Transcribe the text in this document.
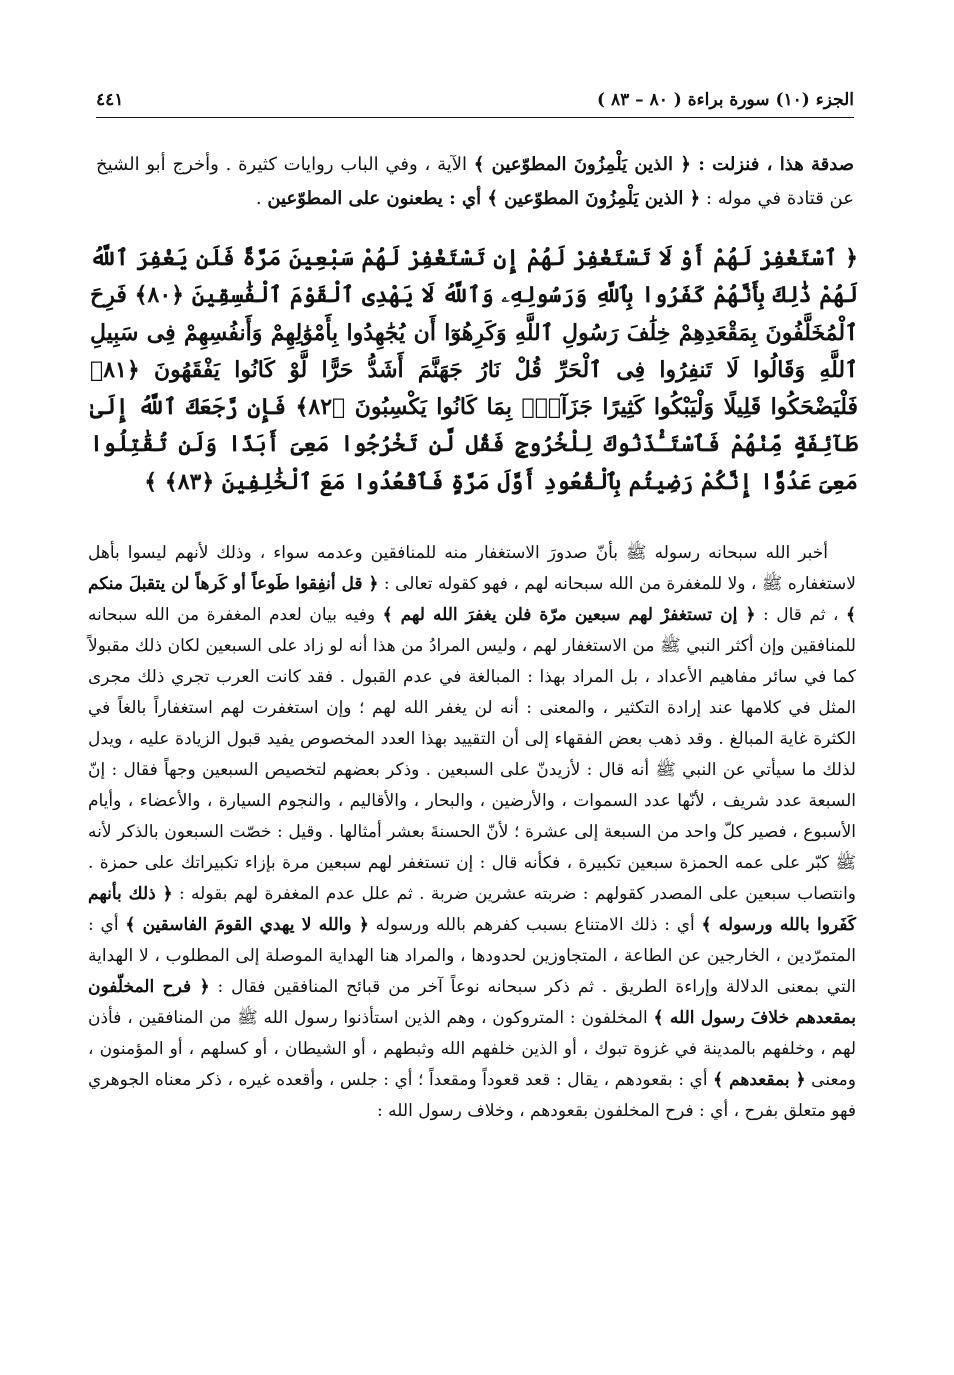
الجزء (١٠) سورة براءة ( ٨٠ – ٨٣ )
٤٤١

صدقة هذا ، فنزلت : ﴿ الذين يَلْمِزُونَ المطوّعين ﴾ الآية ، وفي الباب روايات كثيرة . وأخرج أبو الشيخ عن قتادة في موله : ﴿ الذين يَلْمِزُونَ المطوّعين ﴾ أي : يطعنون على المطوّعين .

﴿ ٱسْتَغْفِرْ لَهُمْ أَوْ لَا تَسْتَغْفِرْ لَهُمْ إِن تَسْتَغْفِرْ لَهُمْ سَبْعِينَ مَرَّةً فَلَن يَغْفِرَ ٱللَّهُ لَهُمْ ذَٰلِكَ بِأَنَّهُمْ كَفَرُوا بِٱللَّهِ وَرَسُولِهِۦ وَٱللَّهُ لَا يَهْدِى ٱلْقَوْمَ ٱلْفَٰسِقِينَ ﴿٨٠﴾ فَرِحَ ٱلْمُخَلَّفُونَ بِمَقْعَدِهِمْ خِلَٰفَ رَسُولِ ٱللَّهِ وَكَرِهُوٓا أَن يُجَٰهِدُوا بِأَمْوَٰلِهِمْ وَأَنفُسِهِمْ فِى سَبِيلِ ٱللَّهِ وَقَالُوا لَا تَنفِرُوا فِى ٱلْحَرِّ قُلْ نَارُ جَهَنَّمَ أَشَدُّ حَرًّا لَّوْ كَانُوا يَفْقَهُونَ ﴿٨١﴾ فَلْيَضْحَكُوا قَلِيلًا وَلْيَبْكُوا كَثِيرًا جَزَآءًۢ بِمَا كَانُوا يَكْسِبُونَ ﴿٨٢﴾ فَإِن رَّجَعَكَ ٱللَّهُ إِلَىٰ طَآئِفَةٍ مِّنْهُمْ فَٱسْتَـْٔذَنُوكَ لِلْخُرُوجِ فَقُل لَّن تَخْرُجُوا مَعِىَ أَبَدًا وَلَن تُقَٰتِلُوا مَعِىَ عَدُوًّا إِنَّكُمْ رَضِيتُم بِٱلْقُعُودِ أَوَّلَ مَرَّةٍ فَٱقْعُدُوا مَعَ ٱلْخَٰلِفِينَ ﴿٨٣﴾ ﴾

أخبر الله سبحانه رسوله ﷺ بأنّ صدورَ الاستغفار منه للمنافقين وعدمه سواء ، وذلك لأنهم ليسوا بأهل لاستغفاره ﷺ ، ولا للمغفرة من الله سبحانه لهم ، فهو كقوله تعالى : ﴿ قل أنفِقوا طَوعاً أو كَرهاً لن يتقبلَ منكم ﴾ ، ثم قال : ﴿ إن تستغفرْ لهم سبعين مرّة فلن يغفرَ الله لهم ﴾ وفيه بيان لعدم المغفرة من الله سبحانه للمنافقين وإن أكثر النبي ﷺ من الاستغفار لهم ، وليس المرادُ من هذا أنه لو زاد على السبعين لكان ذلك مقبولاً كما في سائر مفاهيم الأعداد ، بل المراد بهذا : المبالغة في عدم القبول . فقد كانت العرب تجري ذلك مجرى المثل في كلامها عند إرادة التكثير ، والمعنى : أنه لن يغفر الله لهم ؛ وإن استغفرت لهم استغفاراً بالغاً في الكثرة غاية المبالغ . وقد ذهب بعض الفقهاء إلى أن التقييد بهذا العدد المخصوص يفيد قبول الزيادة عليه ، ويدل لذلك ما سيأتي عن النبي ﷺ أنه قال : لأزيدنّ على السبعين . وذكر بعضهم لتخصيص السبعين وجهاً فقال : إنّ السبعة عدد شريف ، لأنّها عدد السموات ، والأرضين ، والبحار ، والأقاليم ، والنجوم السيارة ، والأعضاء ، وأيام الأسبوع ، فصير كلّ واحد من السبعة إلى عشرة ؛ لأنّ الحسنةَ بعشر أمثالها . وقيل : خصّت السبعون بالذكر لأنه ﷺ كبّر على عمه الحمزة سبعين تكبيرة ، فكأنه قال : إن تستغفر لهم سبعين مرة بإزاء تكبيراتك على حمزة . وانتصاب سبعين على المصدر كقولهم : ضربته عشرين ضربة . ثم علل عدم المغفرة لهم بقوله : ﴿ ذلك بأنهم كَفَروا بالله ورسوله ﴾ أي : ذلك الامتناع بسبب كفرهم بالله ورسوله ﴿ والله لا يهدي القومَ الفاسقين ﴾ أي : المتمرّدين ، الخارجين عن الطاعة ، المتجاوزين لحدودها ، والمراد هنا الهداية الموصلة إلى المطلوب ، لا الهداية التي بمعنى الدلالة وإراءة الطريق . ثم ذكر سبحانه نوعاً آخر من قبائح المنافقين فقال : ﴿ فرح المخلّفون بمقعدهم خلافَ رسول الله ﴾ المخلفون : المتروكون ، وهم الذين استأذنوا رسول الله ﷺ من المنافقين ، فأذن لهم ، وخلفهم بالمدينة في غزوة تبوك ، أو الذين خلفهم الله وثبطهم ، أو الشيطان ، أو كسلهم ، أو المؤمنون ، ومعنى ﴿ بمقعدهم ﴾ أي : بقعودهم ، يقال : قعد قعوداً ومقعداً ؛ أي : جلس ، وأقعده غيره ، ذكر معناه الجوهري فهو متعلق بفرح ، أي : فرح المخلفون بقعودهم ، وخلاف رسول الله :
